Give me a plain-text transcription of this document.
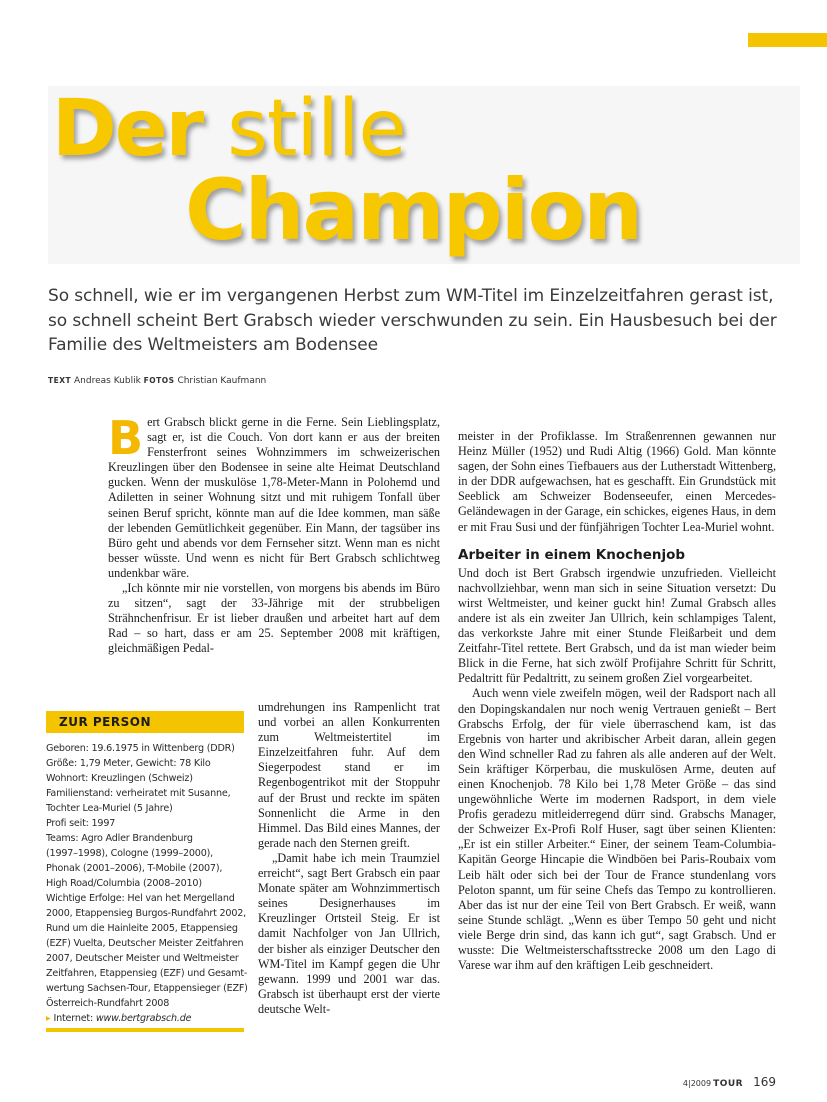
Der stille
Champion

So schnell, wie er im vergangenen Herbst zum WM-Titel im Einzelzeitfahren gerast ist, so schnell scheint Bert Grabsch wieder verschwunden zu sein. Ein Hausbesuch bei der Familie des Weltmeisters am Bodensee

TEXT Andreas Kublik FOTOS Christian Kaufmann

Bert Grabsch blickt gerne in die Ferne. Sein Lieblingsplatz, sagt er, ist die Couch. Von dort kann er aus der breiten Fensterfront seines Wohnzimmers im schweizerischen Kreuzlingen über den Bodensee in seine alte Heimat Deutschland gucken. Wenn der muskulöse 1,78-Meter-Mann in Polohemd und Adiletten in seiner Wohnung sitzt und mit ruhigem Tonfall über seinen Beruf spricht, könnte man auf die Idee kommen, man säße der lebenden Gemütlichkeit gegenüber. Ein Mann, der tagsüber ins Büro geht und abends vor dem Fernseher sitzt. Wenn man es nicht besser wüsste. Und wenn es nicht für Bert Grabsch schlichtweg undenkbar wäre.

„Ich könnte mir nie vorstellen, von morgens bis abends im Büro zu sitzen“, sagt der 33-Jährige mit der strubbeligen Strähnchenfrisur. Er ist lieber draußen und arbeitet hart auf dem Rad – so hart, dass er am 25. September 2008 mit kräftigen, gleichmäßigen Pedal-

umdrehungen ins Rampenlicht trat und vorbei an allen Konkurrenten zum Weltmeistertitel im Einzelzeitfahren fuhr. Auf dem Siegerpodest stand er im Regenbogentrikot mit der Stoppuhr auf der Brust und reckte im späten Sonnenlicht die Arme in den Himmel. Das Bild eines Mannes, der gerade nach den Sternen greift.

„Damit habe ich mein Traumziel erreicht“, sagt Bert Grabsch ein paar Monate später am Wohnzimmertisch seines Designerhauses im Kreuzlinger Ortsteil Steig. Er ist damit Nachfolger von Jan Ullrich, der bisher als einziger Deutscher den WM-Titel im Kampf gegen die Uhr gewann. 1999 und 2001 war das. Grabsch ist überhaupt erst der vierte deutsche Welt-

meister in der Profiklasse. Im Straßenrennen gewannen nur Heinz Müller (1952) und Rudi Altig (1966) Gold. Man könnte sagen, der Sohn eines Tiefbauers aus der Lutherstadt Wittenberg, in der DDR aufgewachsen, hat es geschafft. Ein Grundstück mit Seeblick am Schweizer Bodenseeufer, einen Mercedes-Geländewagen in der Garage, ein schickes, eigenes Haus, in dem er mit Frau Susi und der fünfjährigen Tochter Lea-Muriel wohnt.

Arbeiter in einem Knochenjob

Und doch ist Bert Grabsch irgendwie unzufrieden. Vielleicht nachvollziehbar, wenn man sich in seine Situation versetzt: Du wirst Weltmeister, und keiner guckt hin! Zumal Grabsch alles andere ist als ein zweiter Jan Ullrich, kein schlampiges Talent, das verkorkste Jahre mit einer Stunde Fleißarbeit und dem Zeitfahr-Titel rettete. Bert Grabsch, und da ist man wieder beim Blick in die Ferne, hat sich zwölf Profijahre Schritt für Schritt, Pedaltritt für Pedaltritt, zu seinem großen Ziel vorgearbeitet.

Auch wenn viele zweifeln mögen, weil der Radsport nach all den Dopingskandalen nur noch wenig Vertrauen genießt – Bert Grabschs Erfolg, der für viele überraschend kam, ist das Ergebnis von harter und akribischer Arbeit daran, allein gegen den Wind schneller Rad zu fahren als alle anderen auf der Welt. Sein kräftiger Körperbau, die muskulösen Arme, deuten auf einen Knochenjob. 78 Kilo bei 1,78 Meter Größe – das sind ungewöhnliche Werte im modernen Radsport, in dem viele Profis geradezu mitleiderregend dürr sind. Grabschs Manager, der Schweizer Ex-Profi Rolf Huser, sagt über seinen Klienten: „Er ist ein stiller Arbeiter.“ Einer, der seinem Team-Columbia-Kapitän George Hincapie die Windböen bei Paris-Roubaix vom Leib hält oder sich bei der Tour de France stundenlang vors Peloton spannt, um für seine Chefs das Tempo zu kontrollieren. Aber das ist nur der eine Teil von Bert Grabsch. Er weiß, wann seine Stunde schlägt. „Wenn es über Tempo 50 geht und nicht viele Berge drin sind, das kann ich gut“, sagt Grabsch. Und er wusste: Die Weltmeisterschaftsstrecke 2008 um den Lago di Varese war ihm auf den kräftigen Leib geschneidert.

ZUR PERSON
Geboren: 19.6.1975 in Wittenberg (DDR)
Größe: 1,79 Meter, Gewicht: 78 Kilo
Wohnort: Kreuzlingen (Schweiz)
Familienstand: verheiratet mit Susanne,
Tochter Lea-Muriel (5 Jahre)
Profi seit: 1997
Teams: Agro Adler Brandenburg
(1997–1998), Cologne (1999–2000),
Phonak (2001–2006), T-Mobile (2007),
High Road/Columbia (2008–2010)
Wichtige Erfolge: Hel van het Mergelland
2000, Etappensieg Burgos-Rundfahrt 2002,
Rund um die Hainleite 2005, Etappensieg
(EZF) Vuelta, Deutscher Meister Zeitfahren
2007, Deutscher Meister und Weltmeister
Zeitfahren, Etappensieg (EZF) und Gesamt-
wertung Sachsen-Tour, Etappensieger (EZF)
Österreich-Rundfahrt 2008
▸ Internet: www.bertgrabsch.de
4|2009 TOUR 169
